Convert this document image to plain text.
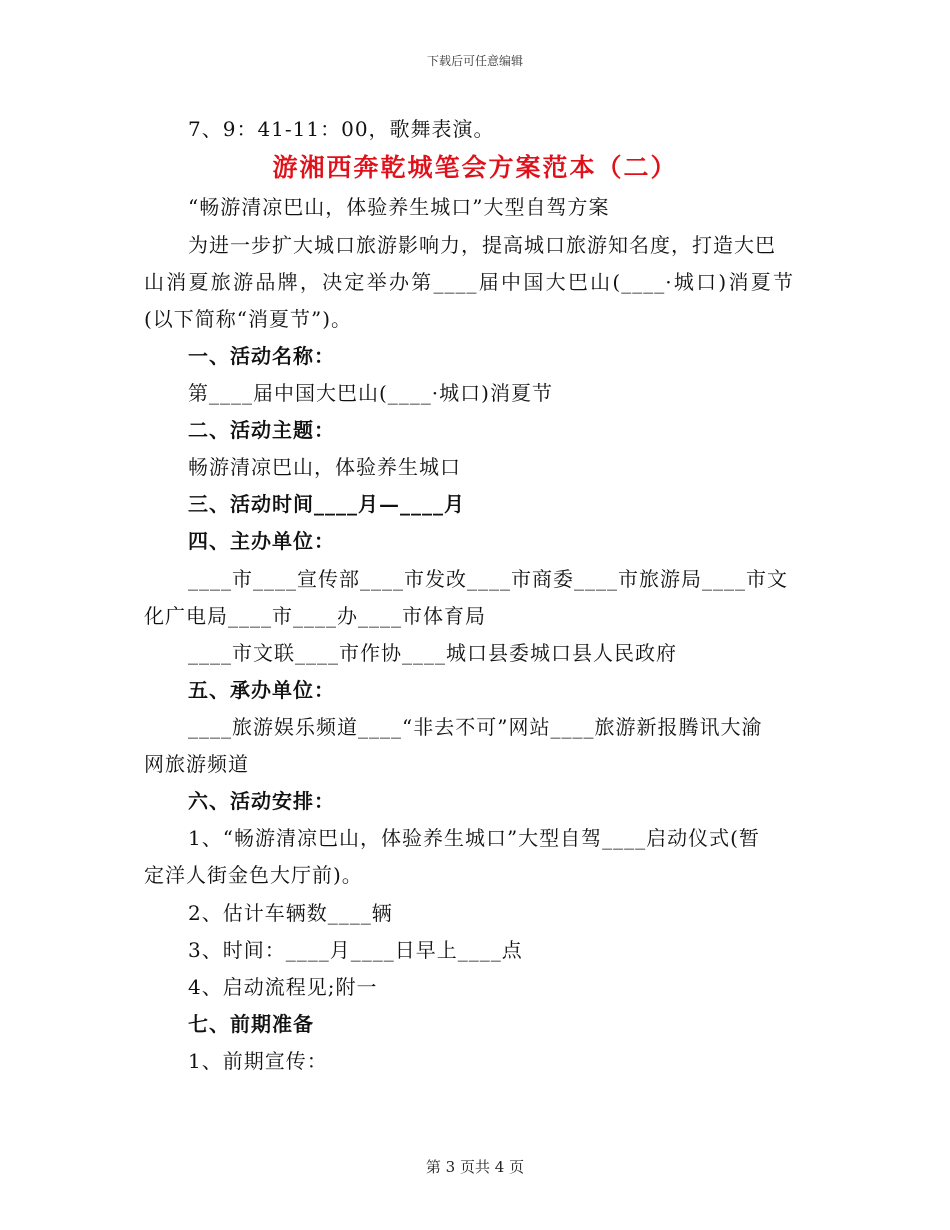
下载后可任意编辑
7、9：41-11：00，歌舞表演。
游湘西奔乾城笔会方案范本（二）
“畅游清凉巴山，体验养生城口”大型自驾方案
为进一步扩大城口旅游影响力，提高城口旅游知名度，打造大巴
山消夏旅游品牌，决定举办第____届中国大巴山(____·城口)消夏节
(以下简称“消夏节”)。
一、活动名称：
第____届中国大巴山(____·城口)消夏节
二、活动主题：
畅游清凉巴山，体验养生城口
三、活动时间____月—____月
四、主办单位：
____市____宣传部____市发改____市商委____市旅游局____市文
化广电局____市____办____市体育局
____市文联____市作协____城口县委城口县人民政府
五、承办单位：
____旅游娱乐频道____“非去不可”网站____旅游新报腾讯大渝
网旅游频道
六、活动安排：
1、“畅游清凉巴山，体验养生城口”大型自驾____启动仪式(暂
定洋人街金色大厅前)。
2、估计车辆数____辆
3、时间：____月____日早上____点
4、启动流程见;附一
七、前期准备
1、前期宣传：
第 3 页共 4 页
